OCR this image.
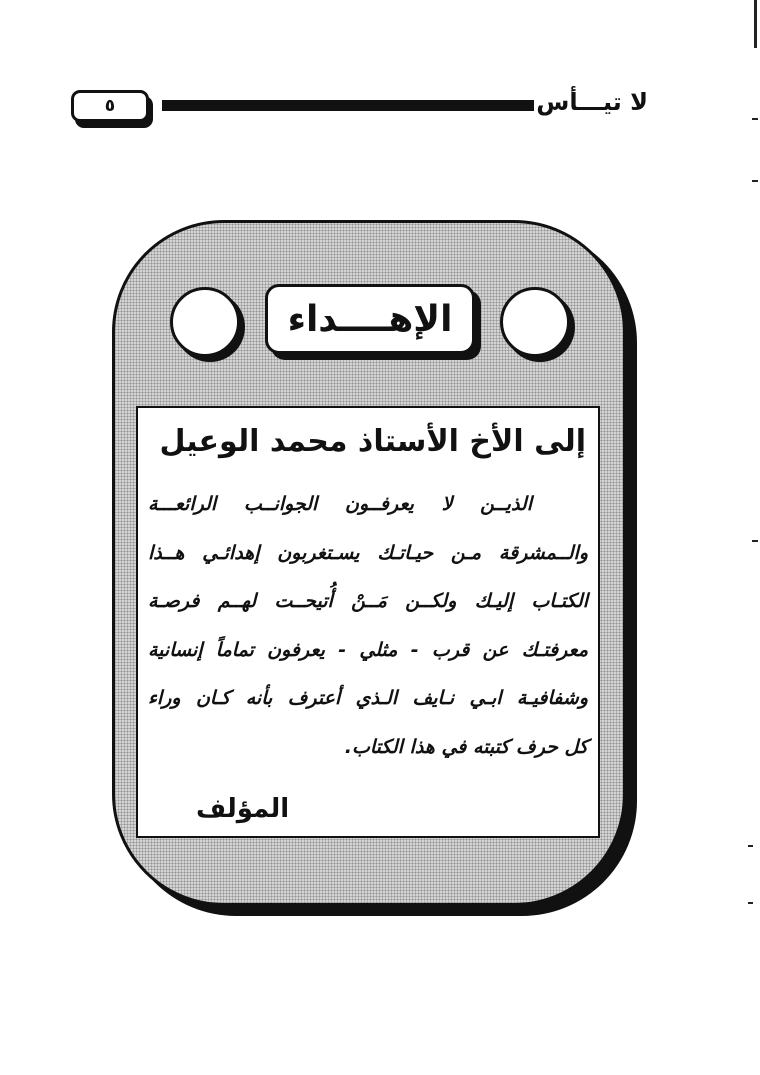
لا تيـــأس
٥
الإهــــداء
إلى الأخ الأستاذ محمد الوعيل
الذيــن لا يعرفــون الجوانــب الرائعـــة
والــمشرقة مـن حيـاتـك يسـتغربون إهدائـي هــذا
الكتـاب إليـك ولكــن مَــنْ أُتيحــت لهــم فرصـة
معرفتـك عن قرب - مثلي - يعرفون تماماً إنسانية
وشفافيـة ابـي نـايف الـذي أعترف بأنه كـان وراء
كل حرف كتبته في هذا الكتاب.
المؤلف
